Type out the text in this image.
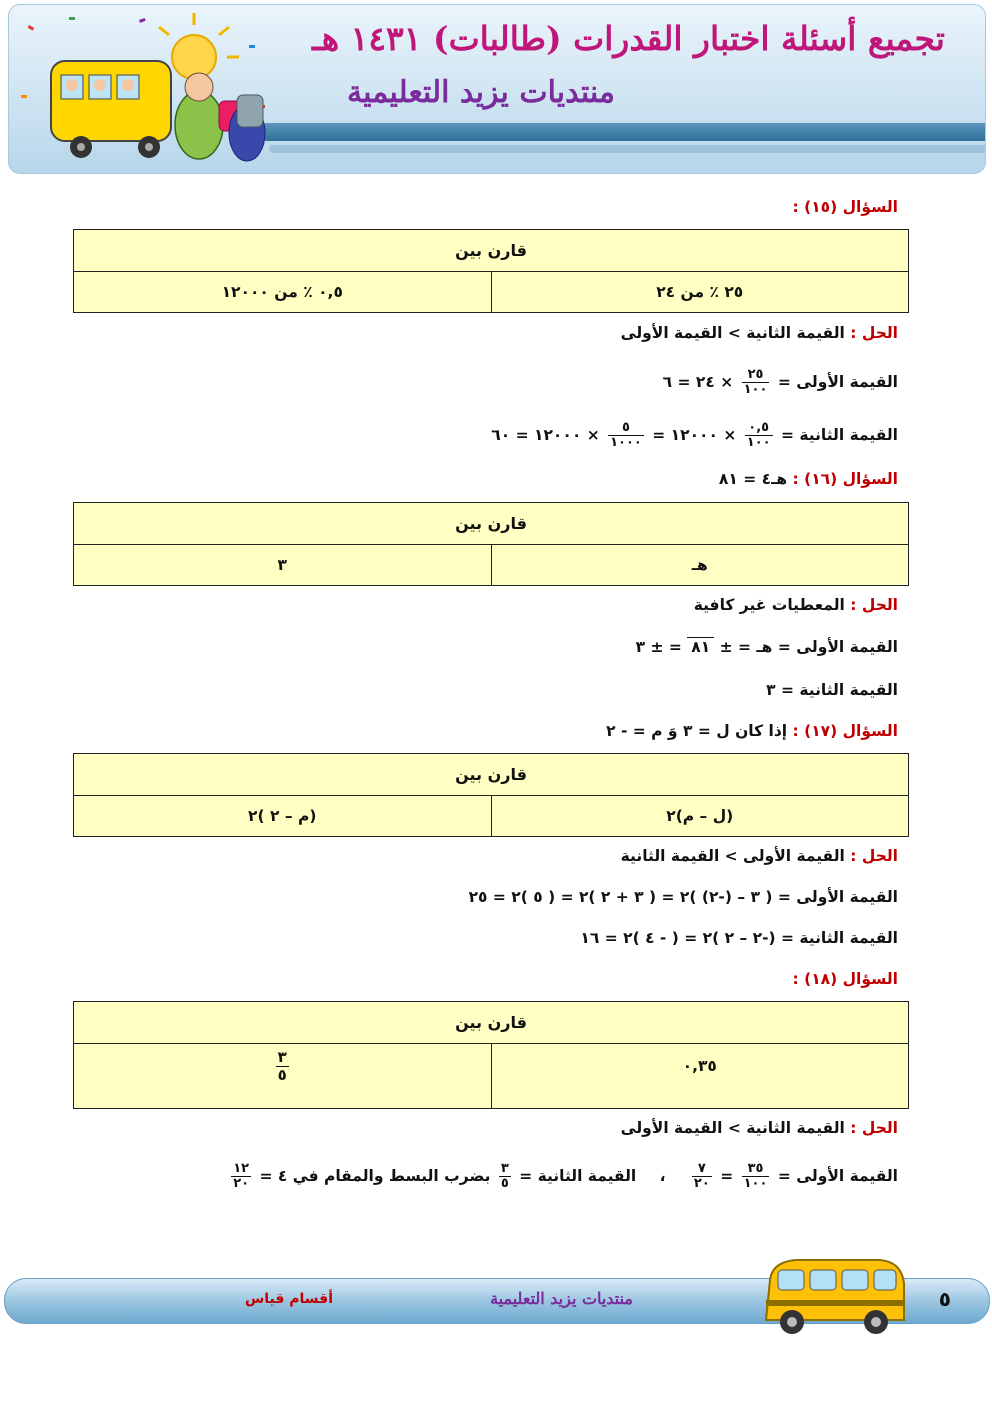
تجميع أسئلة اختبار القدرات (طالبات) ١٤٣١ هـ
منتديات يزيد التعليمية
السؤال (١٥) :
قارن بين
٢٥ ٪ من ٢٤
٠,٥ ٪ من ١٢٠٠٠
الحل : القيمة الثانية > القيمة الأولى
القيمة الأولى =
$\frac{٢٥}{١٠٠}$
× ٢٤ = ٦
القيمة الثانية =
$\frac{٠,٥}{١٠٠}$
× ١٢٠٠٠ =
$\frac{٥}{١٠٠٠}$
× ١٢٠٠٠ = ٦٠
السؤال (١٦) : هـ٤ = ٨١
قارن بين
هـ
٣
الحل : المعطيات غير كافية
القيمة الأولى = هـ = ± ٨١ = ± ٣
القيمة الثانية = ٣
السؤال (١٧) : إذا كان ل = ٣ وَ م = - ٢
قارن بين
(ل – م)٢
(م – ٢ )٢
الحل : القيمة الأولى > القيمة الثانية
القيمة الأولى = ( ٣ – (-٢) )٢ = ( ٣ + ٢ )٢ = ( ٥ )٢ = ٢٥
القيمة الثانية = (-٢ – ٢ )٢ = ( - ٤ )٢ = ١٦
السؤال (١٨) :
قارن بين
٠,٣٥
$\frac{٣}{٥}$
الحل : القيمة الثانية > القيمة الأولى
القيمة الأولى =
$\frac{٣٥}{١٠٠}$
=
$\frac{٧}{٢٠}$
، القيمة الثانية =
$\frac{٣}{٥}$
بضرب البسط والمقام في ٤ =
$\frac{١٢}{٢٠}$
منتديات يزيد التعليمية
أقسام قياس	٥
